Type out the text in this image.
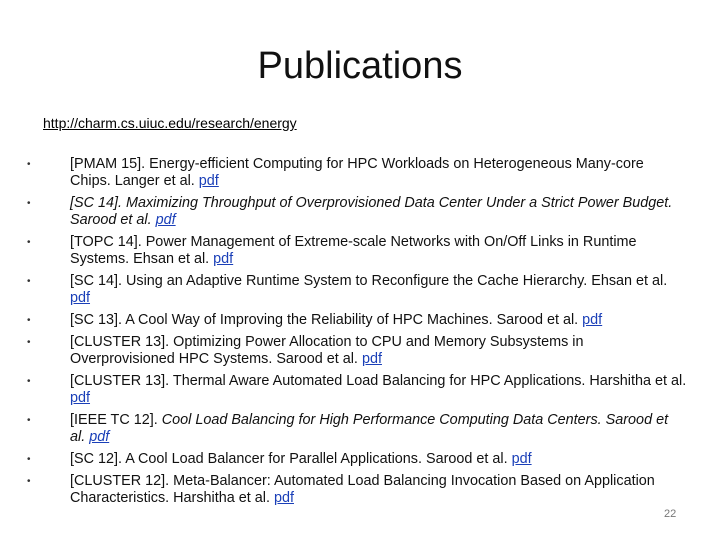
Publications
http://charm.cs.uiuc.edu/research/energy
•	[PMAM 15]. Energy-efficient Computing for HPC Workloads on Heterogeneous Many-core Chips. Langer et al. pdf
•	[SC 14]. Maximizing Throughput of Overprovisioned Data Center Under a Strict Power Budget. Sarood et al. pdf
•	[TOPC 14]. Power Management of Extreme-scale Networks with On/Off Links in Runtime Systems. Ehsan et al. pdf
•	[SC 14]. Using an Adaptive Runtime System to Reconfigure the Cache Hierarchy. Ehsan et al. pdf
•	[SC 13]. A Cool Way of Improving the Reliability of HPC Machines. Sarood et al. pdf
•	[CLUSTER 13]. Optimizing Power Allocation to CPU and Memory Subsystems in Overprovisioned HPC Systems. Sarood et al. pdf
•	[CLUSTER 13]. Thermal Aware Automated Load Balancing for HPC Applications. Harshitha et al. pdf
•	[IEEE TC 12]. Cool Load Balancing for High Performance Computing Data Centers. Sarood et al. pdf
•	[SC 12]. A Cool Load Balancer for Parallel Applications. Sarood et al. pdf
•	[CLUSTER 12]. Meta-Balancer: Automated Load Balancing Invocation Based on Application Characteristics. Harshitha et al. pdf
22
